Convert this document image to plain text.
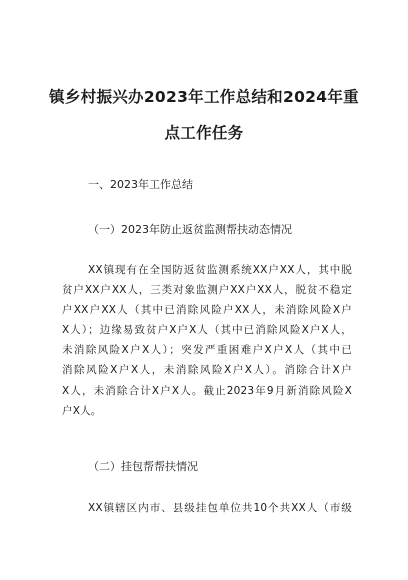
镇乡村振兴办2023年工作总结和2024年重
点工作任务
一、2023年工作总结
（一）2023年防止返贫监测帮扶动态情况
XX镇现有在全国防返贫监测系统XX户XX人，其中脱
贫户XX户XX人，三类对象监测户XX户XX人，脱贫不稳定
户XX户XX人（其中已消除风险户XX人，未消除风险X户
X人）；边缘易致贫户X户X人（其中已消除风险X户X人，
未消除风险X户X人）；突发严重困难户X户X人（其中已
消除风险X户X人，未消除风险X户X人）。消除合计X户
X人，未消除合计X户X人。截止2023年9月新消除风险X
户X人。
（二）挂包帮帮扶情况
XX镇辖区内市、县级挂包单位共10个共XX人（市级
